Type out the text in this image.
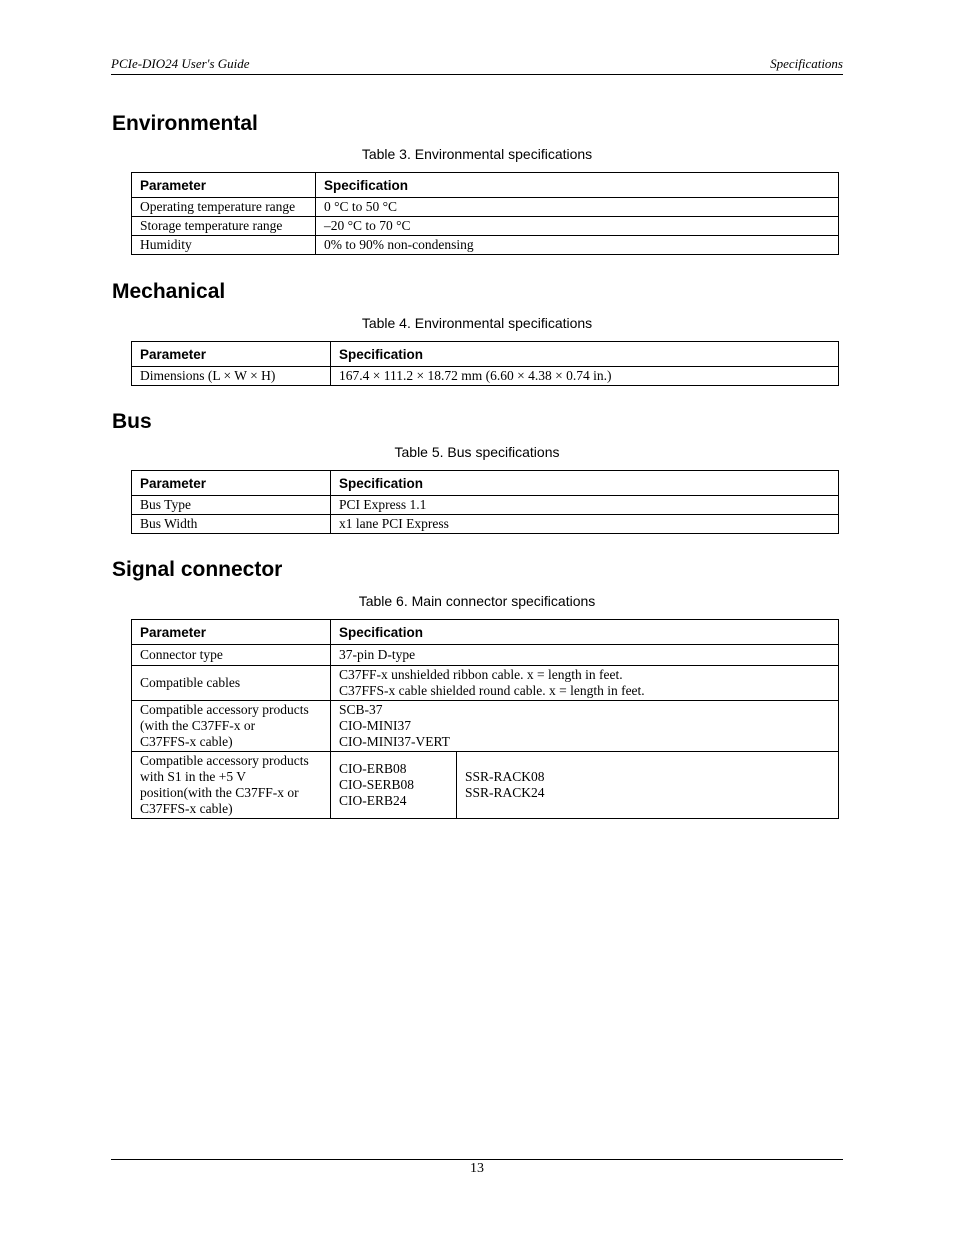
PCIe-DIO24 User's Guide	Specifications
Environmental
Table 3. Environmental specifications
Parameter	Specification
Operating temperature range	0 °C to 50 °C
Storage temperature range	–20 °C to 70 °C
Humidity	0% to 90% non-condensing
Mechanical
Table 4. Environmental specifications
Parameter	Specification
Dimensions (L × W × H)	167.4 × 111.2 × 18.72 mm (6.60 × 4.38 × 0.74 in.)
Bus
Table 5. Bus specifications
Parameter	Specification
Bus Type	PCI Express 1.1
Bus Width	x1 lane PCI Express
Signal connector
Table 6. Main connector specifications
Parameter	Specification	
Connector type	37-pin D-type	
Compatible cables	C37FF-x unshielded ribbon cable. x = length in feet.
C37FFS-x cable shielded round cable. x = length in feet.	

Compatible accessory products
(with the C37FF-x or
C37FFS-x cable)	SCB-37
CIO-MINI37
CIO-MINI37-VERT	

Compatible accessory products
with S1 in the +5 V
position(with the C37FF-x or
C37FFS-x cable)	CIO-ERB08
CIO-SERB08
CIO-ERB24	SSR-RACK08
SSR-RACK24
13
